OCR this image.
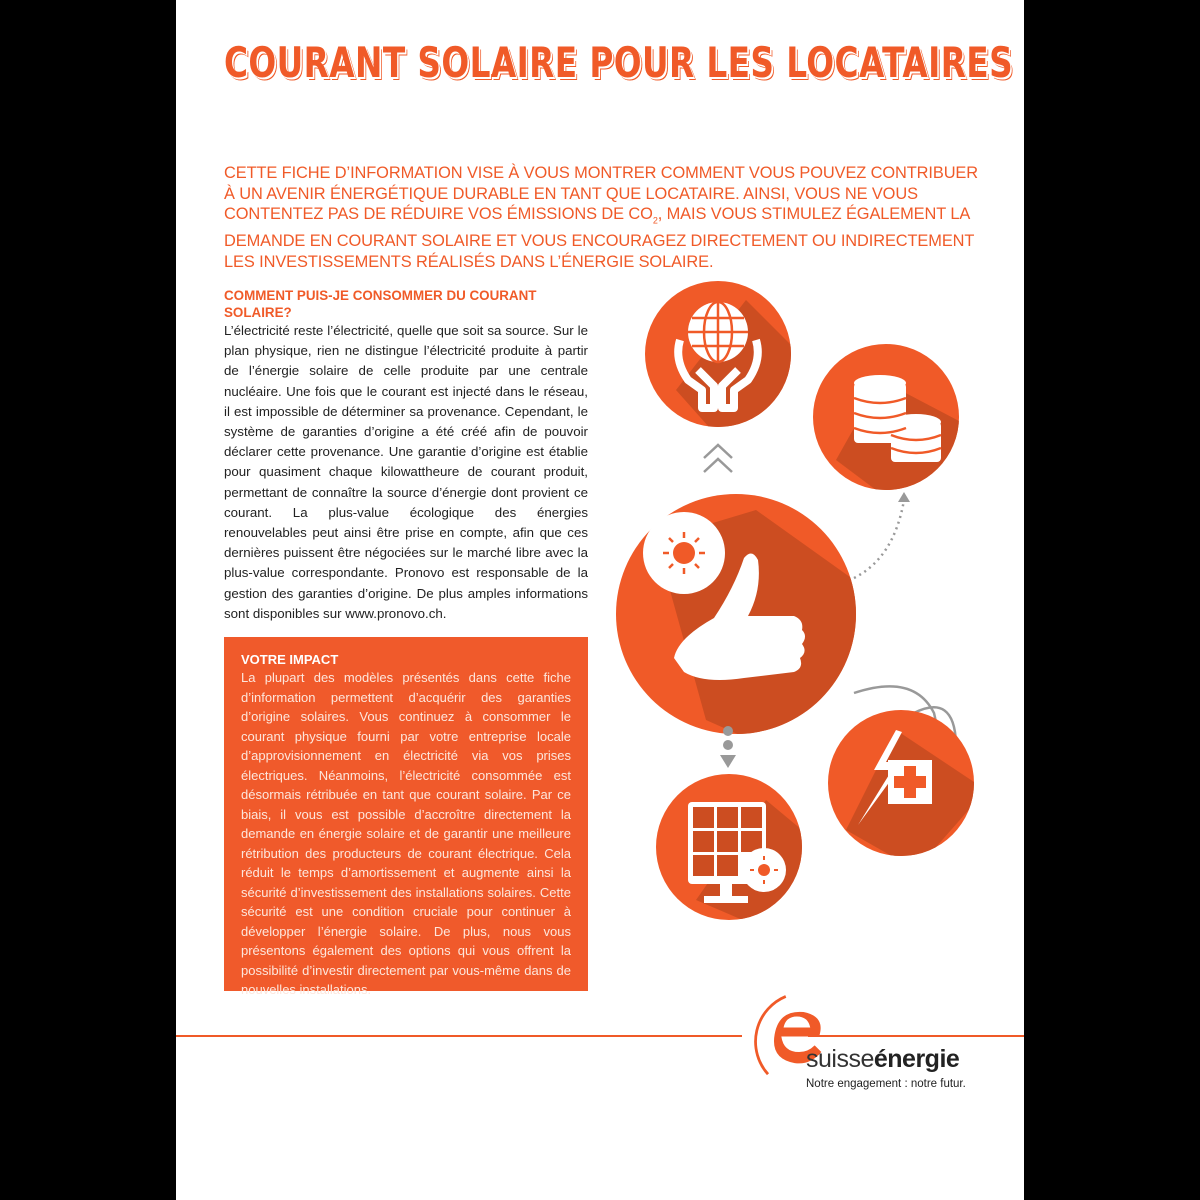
COURANT SOLAIRE POUR LES LOCATAIRES
CETTE FICHE D’INFORMATION VISE À VOUS MONTRER COMMENT VOUS POUVEZ CONTRIBUER À UN AVENIR ÉNERGÉTIQUE DURABLE EN TANT QUE LOCATAIRE. AINSI, VOUS NE VOUS CONTENTEZ PAS DE RÉDUIRE VOS ÉMISSIONS DE $CO_2$, MAIS VOUS STIMULEZ ÉGALEMENT LA DEMANDE EN COURANT SOLAIRE ET VOUS ENCOURAGEZ DIRECTEMENT OU INDIRECTEMENT LES INVESTISSEMENTS RÉALISÉS DANS L’ÉNERGIE SOLAIRE.
COMMENT PUIS-JE CONSOMMER DU COURANT SOLAIRE?
L’électricité reste l’électricité, quelle que soit sa source. Sur le plan physique, rien ne distingue l’électricité produite à partir de l’énergie solaire de celle produite par une centrale nucléaire. Une fois que le courant est injecté dans le réseau, il est impossible de déterminer sa provenance. Cependant, le système de garanties d’origine a été créé afin de pouvoir déclarer cette provenance. Une garantie d’origine est établie pour quasiment chaque kilowattheure de courant produit, permettant de connaître la source d’énergie dont provient ce courant. La plus-value écologique des énergies renouvelables peut ainsi être prise en compte, afin que ces dernières puissent être négociées sur le marché libre avec la plus-value correspondante. Pronovo est responsable de la gestion des garanties d’origine. De plus amples informations sont disponibles sur www.pronovo.ch.
VOTRE IMPACT
La plupart des modèles présentés dans cette fiche d’information permettent d’acquérir des garanties d’origine solaires. Vous continuez à consommer le courant physique fourni par votre entreprise locale d’approvisionnement en électricité via vos prises électriques. Néanmoins, l’électricité consommée est désormais rétribuée en tant que courant solaire. Par ce biais, il vous est possible d’accroître directement la demande en énergie solaire et de garantir une meilleure rétribution des producteurs de courant électrique. Cela réduit le temps d’amortissement et augmente ainsi la sécurité d’investissement des installations solaires. Cette sécurité est une condition cruciale pour continuer à développer l’énergie solaire. De plus, nous vous présentons également des options qui vous offrent la possibilité d’investir directement par vous-même dans de nouvelles installations.
suisseénergie
Notre engagement : notre futur.
